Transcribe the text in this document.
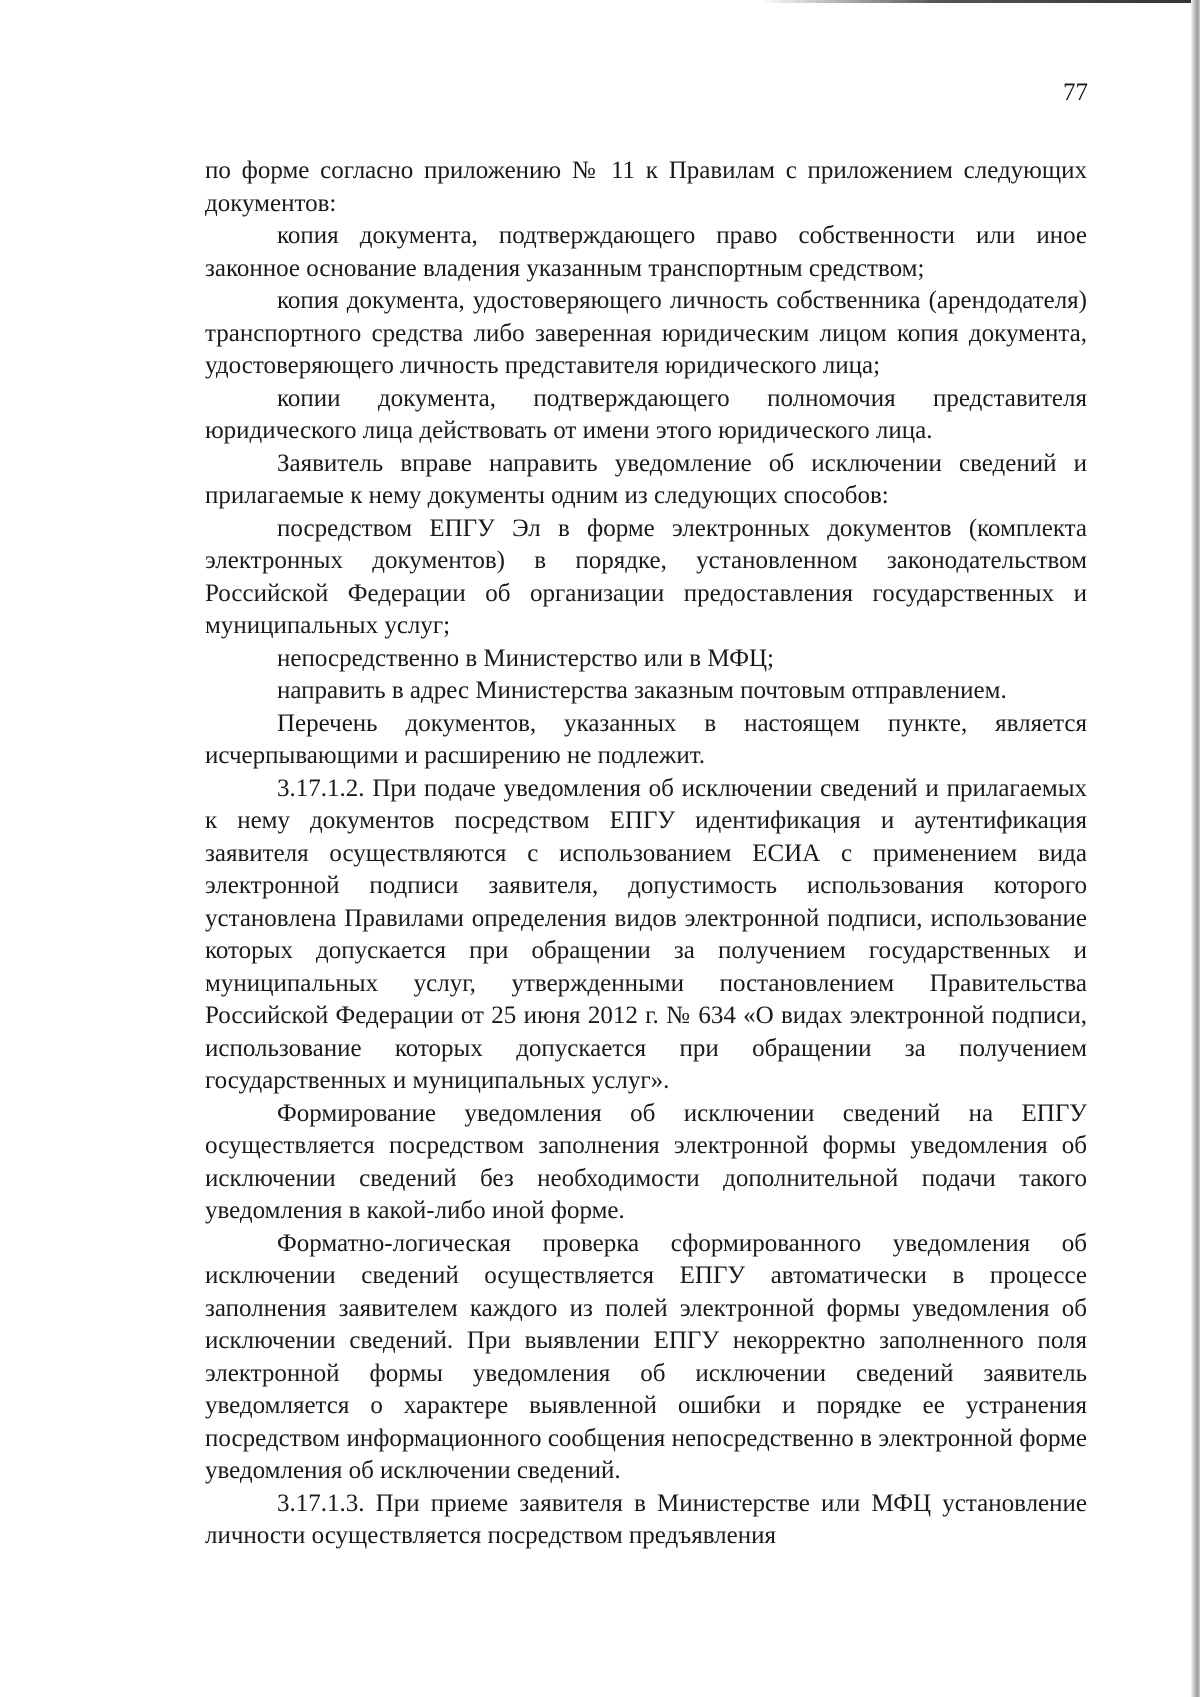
77

по форме согласно приложению № 11 к Правилам с приложением следующих документов:

копия документа, подтверждающего право собственности или иное законное основание владения указанным транспортным средством;

копия документа, удостоверяющего личность собственника (арендодателя) транспортного средства либо заверенная юридическим лицом копия документа, удостоверяющего личность представителя юридического лица;

копии документа, подтверждающего полномочия представителя юридического лица действовать от имени этого юридического лица.

Заявитель вправе направить уведомление об исключении сведений и прилагаемые к нему документы одним из следующих способов:

посредством ЕПГУ Эл в форме электронных документов (комплекта электронных документов) в порядке, установленном законодательством Российской Федерации об организации предоставления государственных и муниципальных услуг;

непосредственно в Министерство или в МФЦ;

направить в адрес Министерства заказным почтовым отправлением.

Перечень документов, указанных в настоящем пункте, является исчерпывающими и расширению не подлежит.

3.17.1.2. При подаче уведомления об исключении сведений и прилагаемых к нему документов посредством ЕПГУ идентификация и аутентификация заявителя осуществляются с использованием ЕСИА с применением вида электронной подписи заявителя, допустимость использования которого установлена Правилами определения видов электронной подписи, использование которых допускается при обращении за получением государственных и муниципальных услуг, утвержденными постановлением Правительства Российской Федерации от 25 июня 2012 г. № 634 «О видах электронной подписи, использование которых допускается при обращении за получением государственных и муниципальных услуг».

Формирование уведомления об исключении сведений на ЕПГУ осуществляется посредством заполнения электронной формы уведомления об исключении сведений без необходимости дополнительной подачи такого уведомления в какой-либо иной форме.

Форматно-логическая проверка сформированного уведомления об исключении сведений осуществляется ЕПГУ автоматически в процессе заполнения заявителем каждого из полей электронной формы уведомления об исключении сведений. При выявлении ЕПГУ некорректно заполненного поля электронной формы уведомления об исключении сведений заявитель уведомляется о характере выявленной ошибки и порядке ее устранения посредством информационного сообщения непосредственно в электронной форме уведомления об исключении сведений.

3.17.1.3. При приеме заявителя в Министерстве или МФЦ установление личности осуществляется посредством предъявления
